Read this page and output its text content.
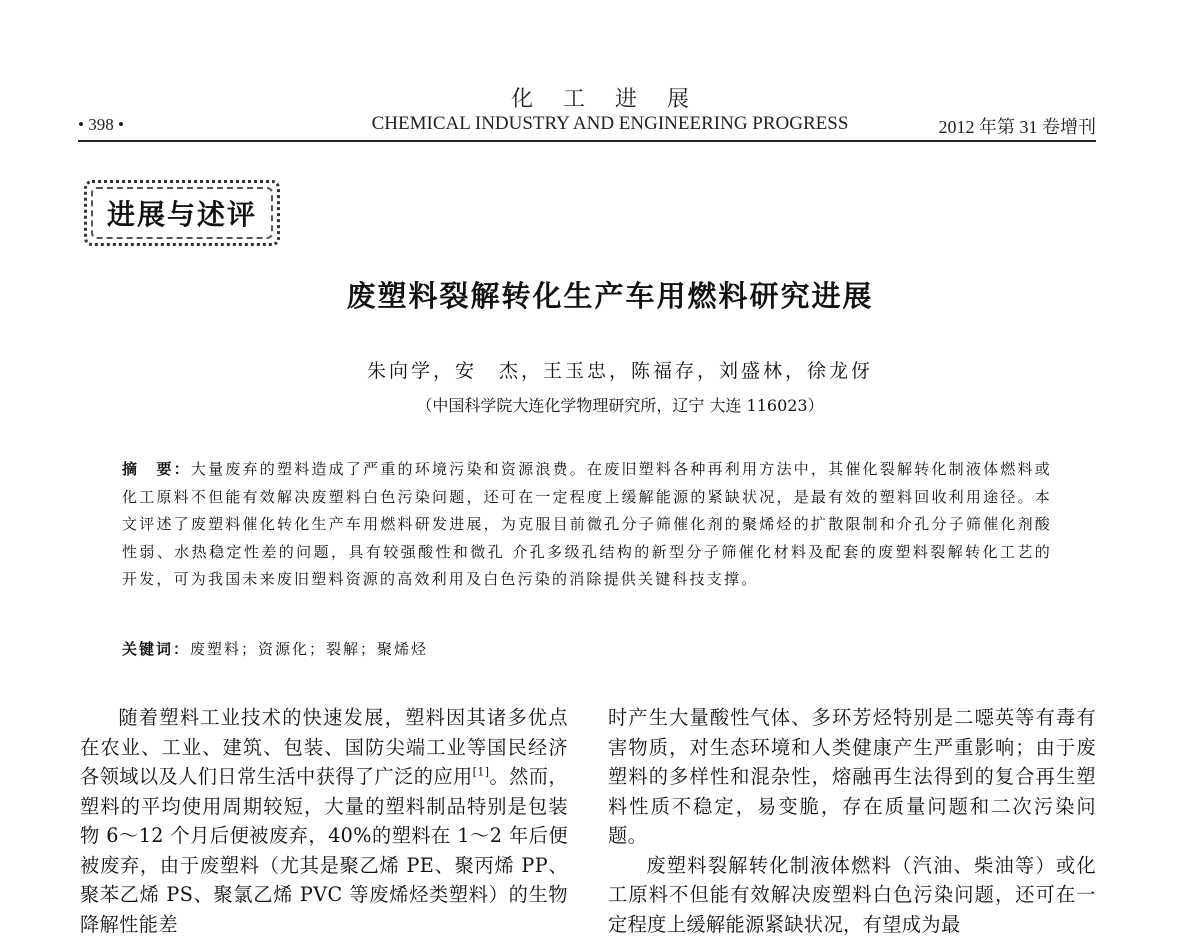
化工进展
• 398 •	CHEMICAL INDUSTRY AND ENGINEERING PROGRESS	2012 年第 31 卷增刊
进展与述评
废塑料裂解转化生产车用燃料研究进展
朱向学，安　杰，王玉忠，陈福存，刘盛林，徐龙伢
（中国科学院大连化学物理研究所，辽宁 大连 116023）
摘　要：大量废弃的塑料造成了严重的环境污染和资源浪费。在废旧塑料各种再利用方法中，其催化裂解转化制液体燃料或化工原料不但能有效解决废塑料白色污染问题，还可在一定程度上缓解能源的紧缺状况，是最有效的塑料回收利用途径。本文评述了废塑料催化转化生产车用燃料研发进展，为克服目前微孔分子筛催化剂的聚烯烃的扩散限制和介孔分子筛催化剂酸性弱、水热稳定性差的问题，具有较强酸性和微孔 介孔多级孔结构的新型分子筛催化材料及配套的废塑料裂解转化工艺的开发，可为我国未来废旧塑料资源的高效利用及白色污染的消除提供关键科技支撑。
关键词：废塑料；资源化；裂解；聚烯烃

随着塑料工业技术的快速发展，塑料因其诸多优点在农业、工业、建筑、包装、国防尖端工业等国民经济各领域以及人们日常生活中获得了广泛的应用[1]。然而，塑料的平均使用周期较短，大量的塑料制品特别是包装物 6～12 个月后便被废弃，40%的塑料在 1～2 年后便被废弃，由于废塑料（尤其是聚乙烯 PE、聚丙烯 PP、聚苯乙烯 PS、聚氯乙烯 PVC 等废烯烃类塑料）的生物降解性能差

时产生大量酸性气体、多环芳烃特别是二噁英等有毒有害物质，对生态环境和人类健康产生严重影响；由于废塑料的多样性和混杂性，熔融再生法得到的复合再生塑料性质不稳定，易变脆，存在质量问题和二次污染问题。

废塑料裂解转化制液体燃料（汽油、柴油等）或化工原料不但能有效解决废塑料白色污染问题，还可在一定程度上缓解能源紧缺状况，有望成为最
